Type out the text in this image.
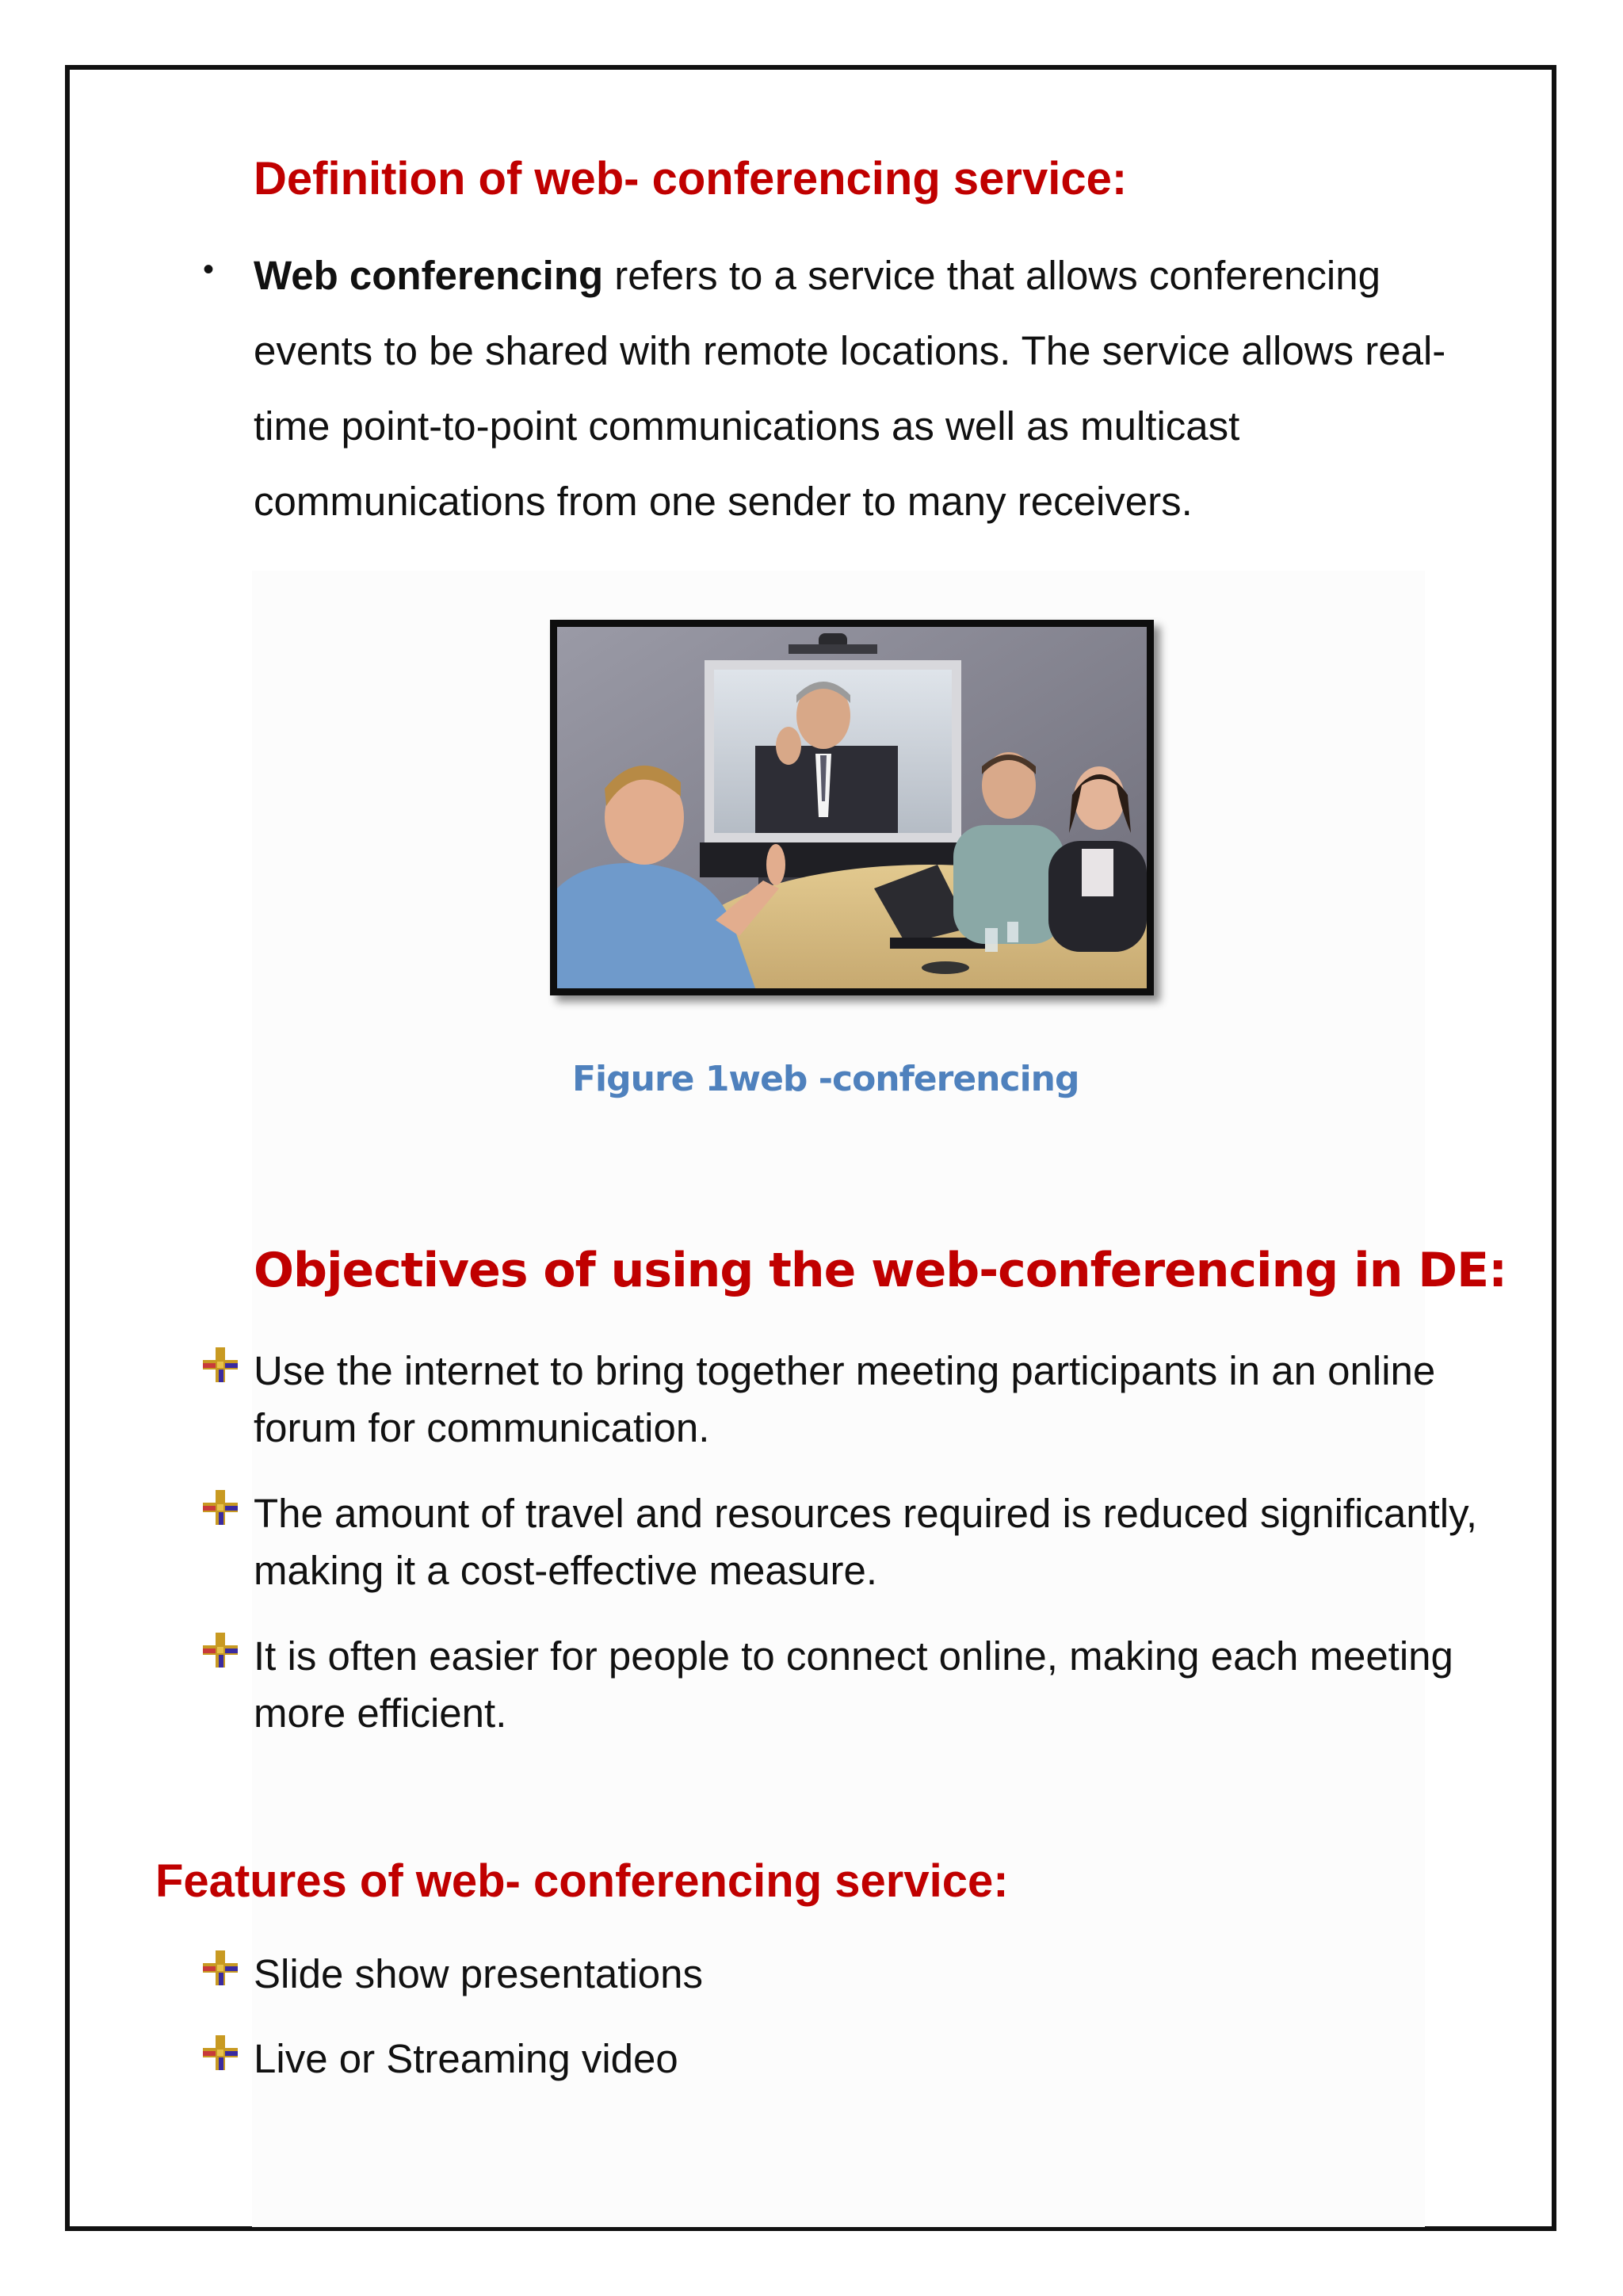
Definition of web- conferencing service:
• Web conferencing refers to a service that allows conferencing events to be shared with remote locations. The service allows real-time point-to-point communications as well as multicast communications from one sender to many receivers.

Figure 1web -conferencing

Objectives of using the web-conferencing in DE:

Use the internet to bring together meeting participants in an online forum for communication.

The amount of travel and resources required is reduced significantly, making it a cost-effective measure.

It is often easier for people to connect online, making each meeting more efficient.

Features of web- conferencing service:

Slide show presentations

Live or Streaming video
